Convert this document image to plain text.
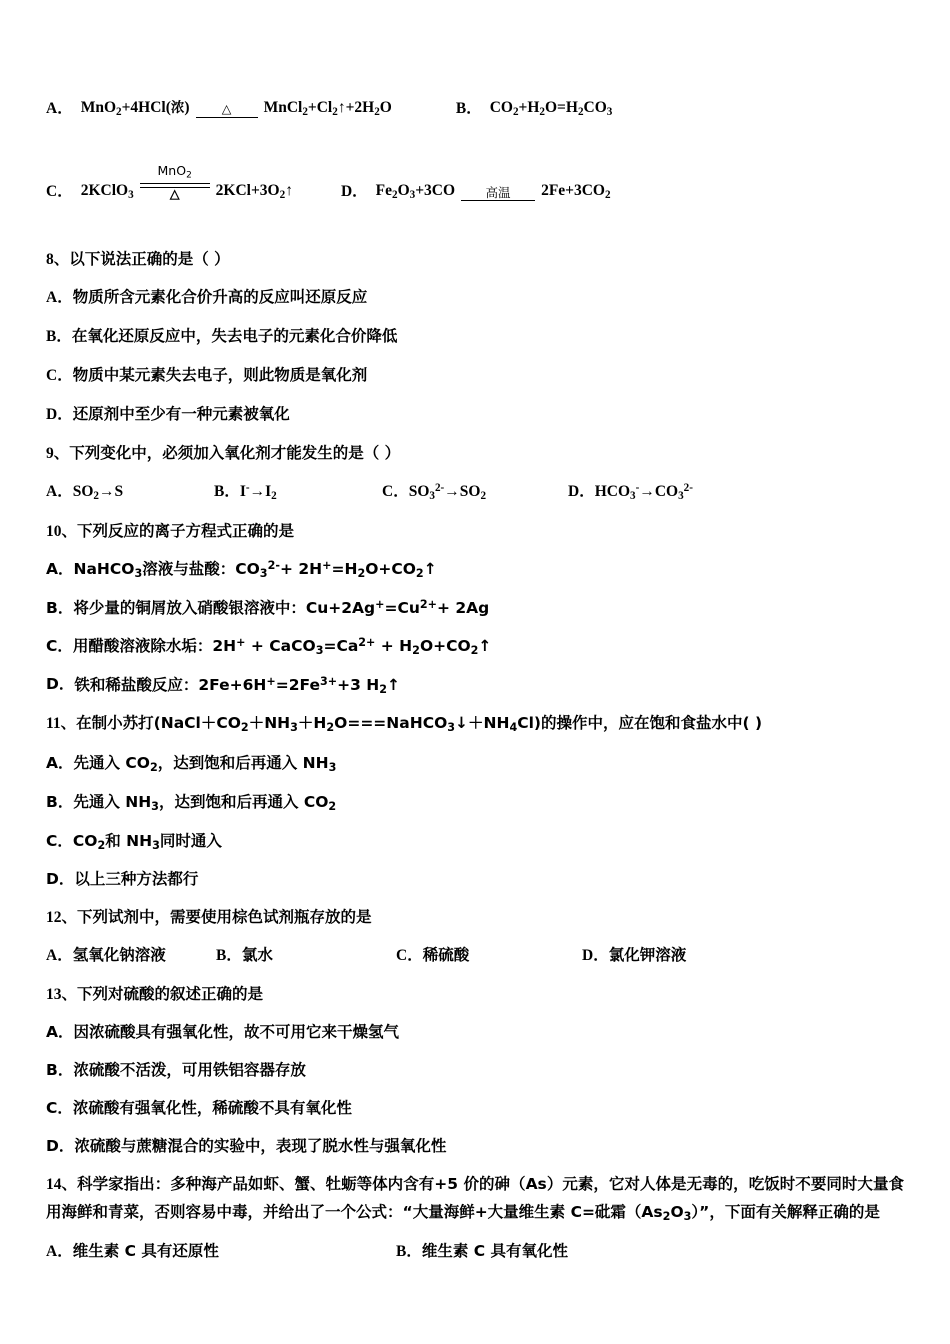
A． MnO$_2$+4HCl(浓)	△ $MnCl_2+Cl_2↑+2H_2O$	B． $CO_2+H_2O=H_2CO_3$
C． 2KClO$_3$
MnO$_2$
△ $2KCl+3O_2↑$	D． $Fe_2O_3+3CO$ 高温 $2Fe+3CO_2$
8、以下说法正确的是（ ）
A．物质所含元素化合价升高的反应叫还原反应
B．在氧化还原反应中，失去电子的元素化合价降低
C．物质中某元素失去电子，则此物质是氧化剂
D．还原剂中至少有一种元素被氧化
9、下列变化中，必须加入氧化剂才能发生的是（ ）
A．$SO_2\to S$	B．$I^-\to I_2$	C．$SO_3^{2-}\to SO_2$	D．$HCO_3^-\to CO_3^{2-}$
10、下列反应的离子方程式正确的是
A．NaHCO$_3$溶液与盐酸：$CO_3^{2-}+$ $2H^+=H_2O+CO_2↑$
B．将少量的铜屑放入硝酸银溶液中：$Cu+2Ag^+=Cu^{2+}+ 2Ag$
C．用醋酸溶液除水垢：$2H^+ + CaCO_3=Ca^{2+}$ + $H_2O+CO_2↑$
D．铁和稀盐酸反应：$2Fe+6H^+=2Fe^{3+}+3$ $H_2↑$
11、在制小苏打$(NaCl+CO_2+NH_3+H_2O===NaHCO_3↓+NH_4Cl)$的操作中，应在饱和食盐水中( )
A．先通入 $CO_2$，达到饱和后再通入 $NH_3$
B．先通入 $NH_3$，达到饱和后再通入 $CO_2$
C．$CO_2$和 $NH_3$同时通入
D．以上三种方法都行
12、下列试剂中，需要使用棕色试剂瓶存放的是
A．氢氧化钠溶液	B．氯水	C．稀硫酸	D．氯化钾溶液
13、下列对硫酸的叙述正确的是
A．因浓硫酸具有强氧化性，故不可用它来干燥氢气
B．浓硫酸不活泼，可用铁铝容器存放
C．浓硫酸有强氧化性，稀硫酸不具有氧化性
D．浓硫酸与蔗糖混合的实验中，表现了脱水性与强氧化性
14、科学家指出：多种海产品如虾、蟹、牡蛎等体内含有+5 价的砷（As）元素，它对人体是无毒的，吃饭时不要同时大量食用海鲜和青菜，否则容易中毒，并给出了一个公式：“大量海鲜+大量维生素 C=砒霜$(As_2O_3)$”，下面有关解释正确的是
A．维生素 C 具有还原性	B．维生素 C 具有氧化性
